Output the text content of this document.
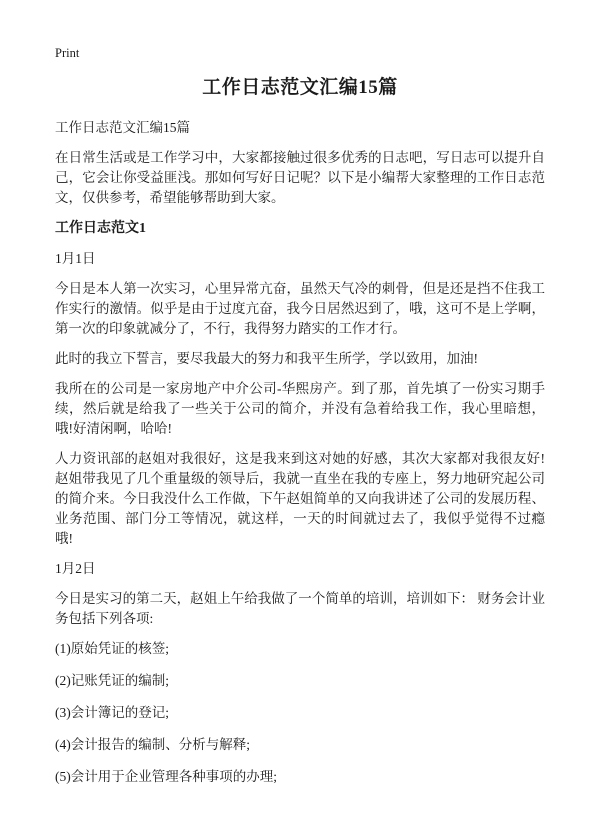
Print

工作日志范文汇编15篇

工作日志范文汇编15篇

在日常生活或是工作学习中，大家都接触过很多优秀的日志吧，写日志可以提升自己，它会让你受益匪浅。那如何写好日记呢？以下是小编帮大家整理的工作日志范文，仅供参考，希望能够帮助到大家。

工作日志范文1

1月1日

今日是本人第一次实习，心里异常亢奋，虽然天气冷的刺骨，但是还是挡不住我工作实行的激情。似乎是由于过度亢奋，我今日居然迟到了，哦，这可不是上学啊，第一次的印象就减分了，不行，我得努力踏实的工作才行。

此时的我立下誓言，要尽我最大的努力和我平生所学，学以致用，加油!

我所在的公司是一家房地产中介公司-华熙房产。到了那，首先填了一份实习期手续，然后就是给我了一些关于公司的简介，并没有急着给我工作，我心里暗想，哦!好清闲啊，哈哈!

人力资讯部的赵姐对我很好，这是我来到这对她的好感，其次大家都对我很友好!赵姐带我见了几个重量级的领导后，我就一直坐在我的专座上，努力地研究起公司的简介来。今日我没什么工作做，下午赵姐简单的又向我讲述了公司的发展历程、业务范围、部门分工等情况，就这样，一天的时间就过去了，我似乎觉得不过瘾哦!

1月2日

今日是实习的第二天，赵姐上午给我做了一个简单的培训，培训如下： 财务会计业务包括下列各项:

(1)原始凭证的核签;

(2)记账凭证的编制;

(3)会计簿记的登记;

(4)会计报告的编制、分析与解释;

(5)会计用于企业管理各种事项的办理;
